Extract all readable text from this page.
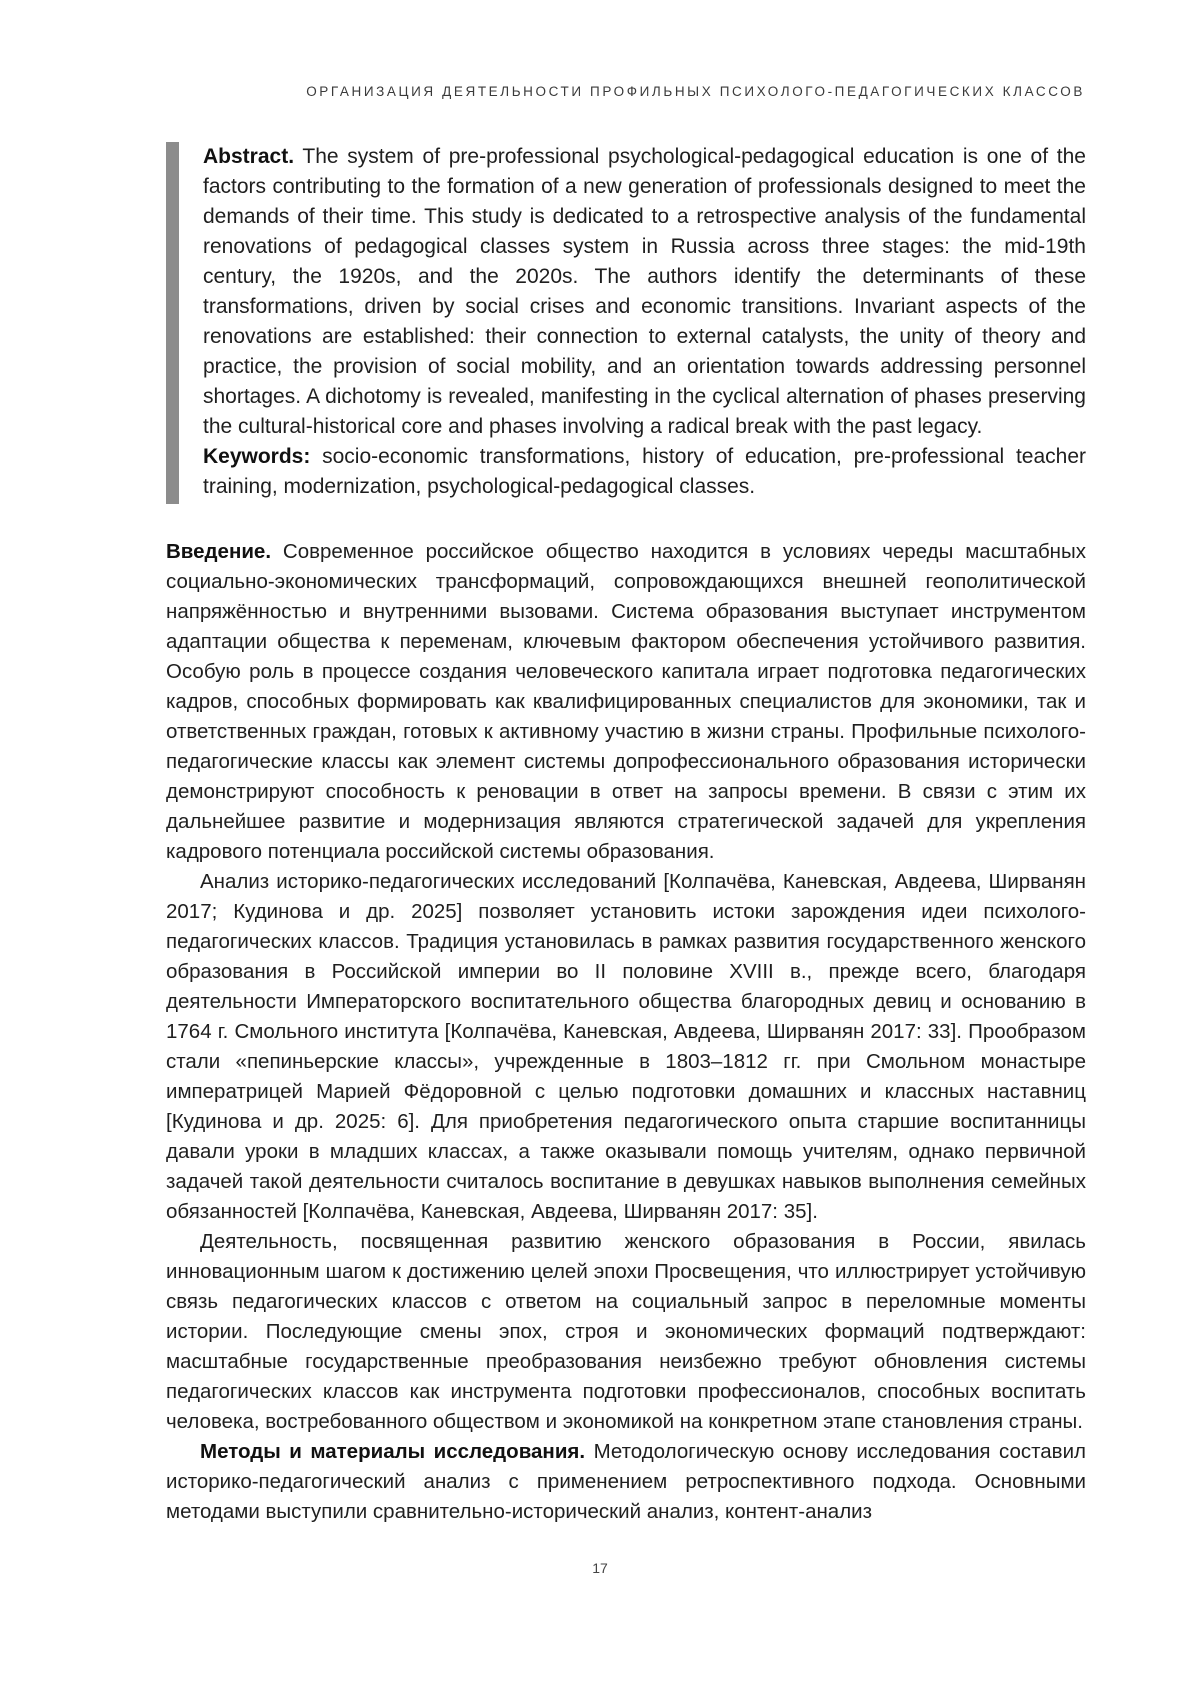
ОРГАНИЗАЦИЯ ДЕЯТЕЛЬНОСТИ ПРОФИЛЬНЫХ ПСИХОЛОГО-ПЕДАГОГИЧЕСКИХ КЛАССОВ

Abstract. The system of pre-professional psychological-pedagogical education is one of the factors contributing to the formation of a new generation of professionals designed to meet the demands of their time. This study is dedicated to a retrospective analysis of the fundamental renovations of pedagogical classes system in Russia across three stages: the mid-19th century, the 1920s, and the 2020s. The authors identify the determinants of these transformations, driven by social crises and economic transitions. Invariant aspects of the renovations are established: their connection to external catalysts, the unity of theory and practice, the provision of social mobility, and an orientation towards addressing personnel shortages. A dichotomy is revealed, manifesting in the cyclical alternation of phases preserving the cultural-historical core and phases involving a radical break with the past legacy.

Keywords: socio-economic transformations, history of education, pre-professional teacher training, modernization, psychological-pedagogical classes.

Введение. Современное российское общество находится в условиях череды масштабных социально-экономических трансформаций, сопровождающихся внешней геополитической напряжённостью и внутренними вызовами. Система образования выступает инструментом адаптации общества к переменам, ключевым фактором обеспечения устойчивого развития. Особую роль в процессе создания человеческого капитала играет подготовка педагогических кадров, способных формировать как квалифицированных специалистов для экономики, так и ответственных граждан, готовых к активному участию в жизни страны. Профильные психолого-педагогические классы как элемент системы допрофессионального образования исторически демонстрируют способность к реновации в ответ на запросы времени. В связи с этим их дальнейшее развитие и модернизация являются стратегической задачей для укрепления кадрового потенциала российской системы образования.

Анализ историко-педагогических исследований [Колпачёва, Каневская, Авдеева, Ширванян 2017; Кудинова и др. 2025] позволяет установить истоки зарождения идеи психолого-педагогических классов. Традиция установилась в рамках развития государственного женского образования в Российской империи во II половине XVIII в., прежде всего, благодаря деятельности Императорского воспитательного общества благородных девиц и основанию в 1764 г. Смольного института [Колпачёва, Каневская, Авдеева, Ширванян 2017: 33]. Прообразом стали «пепиньерские классы», учрежденные в 1803–1812 гг. при Смольном монастыре императрицей Марией Фёдоровной с целью подготовки домашних и классных наставниц [Кудинова и др. 2025: 6]. Для приобретения педагогического опыта старшие воспитанницы давали уроки в младших классах, а также оказывали помощь учителям, однако первичной задачей такой деятельности считалось воспитание в девушках навыков выполнения семейных обязанностей [Колпачёва, Каневская, Авдеева, Ширванян 2017: 35].

Деятельность, посвященная развитию женского образования в России, явилась инновационным шагом к достижению целей эпохи Просвещения, что иллюстрирует устойчивую связь педагогических классов с ответом на социальный запрос в переломные моменты истории. Последующие смены эпох, строя и экономических формаций подтверждают: масштабные государственные преобразования неизбежно требуют обновления системы педагогических классов как инструмента подготовки профессионалов, способных воспитать человека, востребованного обществом и экономикой на конкретном этапе становления страны.

Методы и материалы исследования. Методологическую основу исследования составил историко-педагогический анализ с применением ретроспективного подхода. Основными методами выступили сравнительно-исторический анализ, контент-анализ

17
